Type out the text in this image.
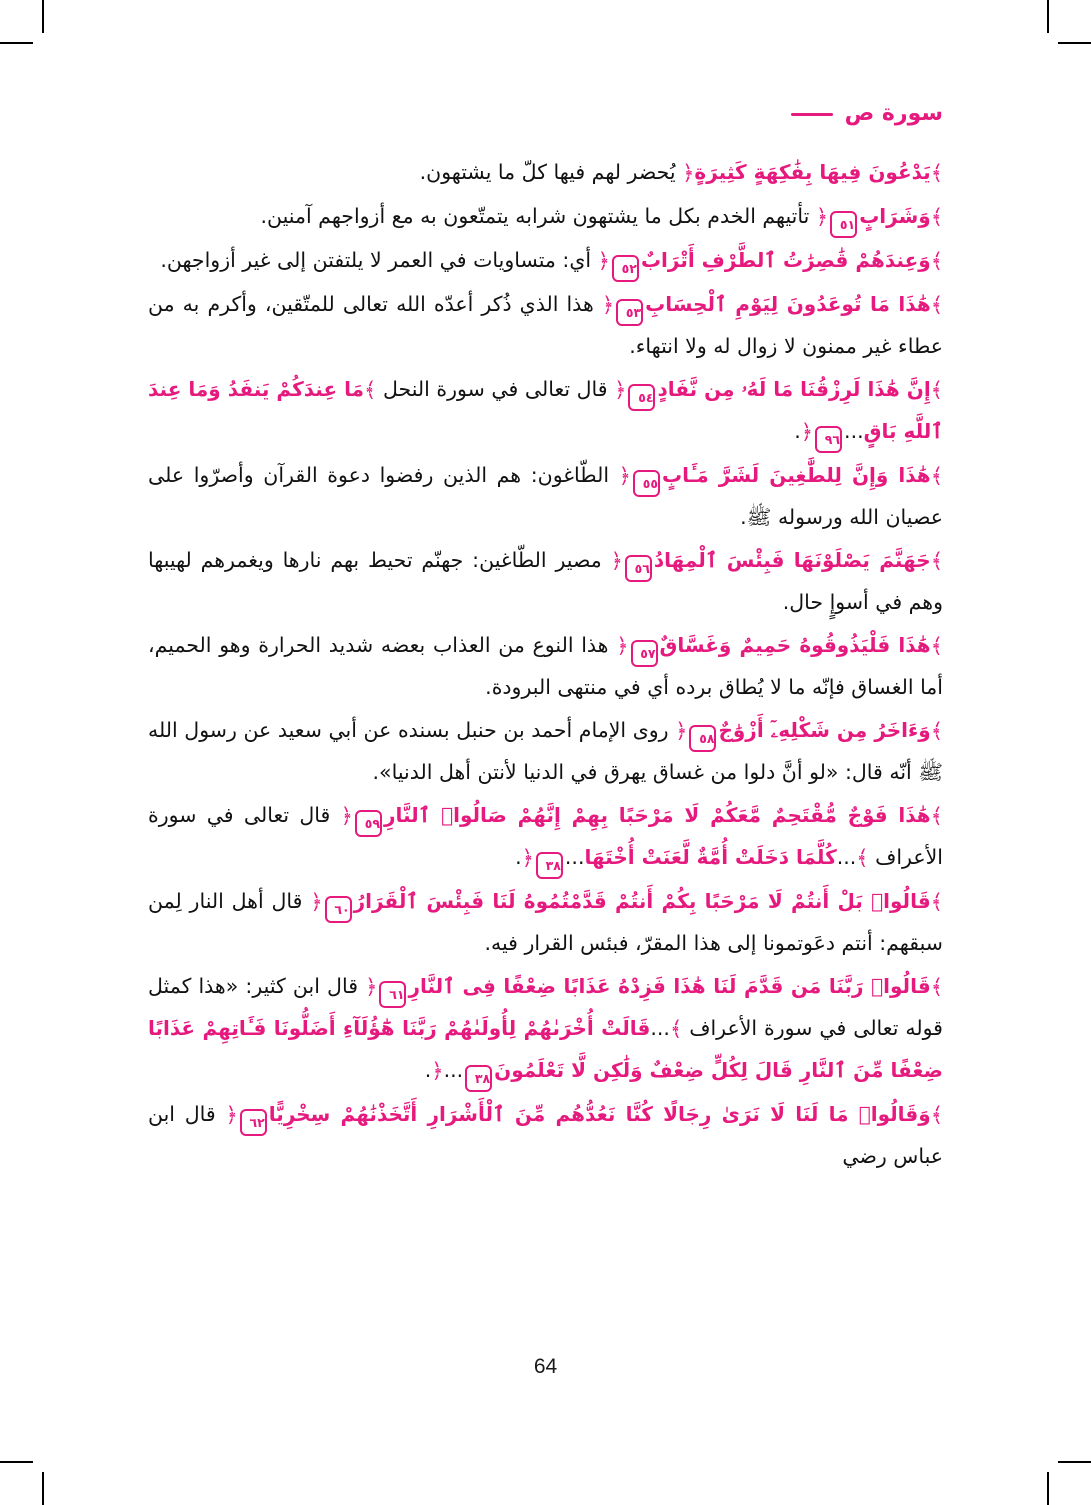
سورة ص

﴾يَدْعُونَ فِيهَا بِفَٰكِهَةٍ كَثِيرَةٍ﴿ يُحضر لهم فيها كلّ ما يشتهون.

﴾وَشَرَابٍ
٥١
﴿ تأتيهم الخدم بكل ما يشتهون شرابه يتمتّعون به مع أزواجهم آمنين.

﴾وَعِندَهُمْ قَٰصِرَٰتُ ٱلطَّرْفِ أَتْرَابٌ
٥٢
﴿ أي: متساويات في العمر لا يلتفتن إلى غير أزواجهن.

﴾هَٰذَا مَا تُوعَدُونَ لِيَوْمِ ٱلْحِسَابِ
٥٣
﴿ هذا الذي ذُكر أعدّه الله تعالى للمتّقين، وأكرم به من عطاء غير ممنون لا زوال له ولا انتهاء.

﴾إِنَّ هَٰذَا لَرِزْقُنَا مَا لَهُۥ مِن نَّفَادٍ
٥٤
﴿ قال تعالى في سورة النحل ﴾مَا عِندَكُمْ يَنفَدُ وَمَا عِندَ ٱللَّهِ بَاقٍ...
٩٦
﴿.

﴾هَٰذَا وَإِنَّ لِلطَّٰغِينَ لَشَرَّ مَـَٔابٍ
٥٥
﴿ الطّاغون: هم الذين رفضوا دعوة القرآن وأصرّوا على عصيان الله ورسوله ﷺ.

﴾جَهَنَّمَ يَصْلَوْنَهَا فَبِئْسَ ٱلْمِهَادُ
٥٦
﴿ مصير الطّاغين: جهنّم تحيط بهم نارها ويغمرهم لهيبها وهم في أسوإٍ حال.

﴾هَٰذَا فَلْيَذُوقُوهُ حَمِيمٌ وَغَسَّاقٌ
٥٧
﴿ هذا النوع من العذاب بعضه شديد الحرارة وهو الحميم، أما الغساق فإنّه ما لا يُطاق برده أي في منتهى البرودة.

﴾وَءَاخَرُ مِن شَكْلِهِۦٓ أَزْوَٰجٌ
٥٨
﴿ روى الإمام أحمد بن حنبل بسنده عن أبي سعيد عن رسول الله ﷺ أنّه قال: «لو أنَّ دلوا من غساق يهرق في الدنيا لأنتن أهل الدنيا».

﴾هَٰذَا فَوْجٌ مُّقْتَحِمٌ مَّعَكُمْ لَا مَرْحَبًا بِهِمْ إِنَّهُمْ صَالُوا۟ ٱلنَّارِ
٥٩
﴿ قال تعالى في سورة الأعراف ﴾...كُلَّمَا دَخَلَتْ أُمَّةٌ لَّعَنَتْ أُخْتَهَا...
٣٨
﴿.

﴾قَالُوا۟ بَلْ أَنتُمْ لَا مَرْحَبًا بِكُمْ أَنتُمْ قَدَّمْتُمُوهُ لَنَا فَبِئْسَ ٱلْقَرَارُ
٦٠
﴿ قال أهل النار لِمن سبقهم: أنتم دعَوتمونا إلى هذا المقرّ، فبئس القرار فيه.

﴾قَالُوا۟ رَبَّنَا مَن قَدَّمَ لَنَا هَٰذَا فَزِدْهُ عَذَابًا ضِعْفًا فِى ٱلنَّارِ
٦١
﴿ قال ابن كثير: «هذا كمثل قوله تعالى في سورة الأعراف ﴾...قَالَتْ أُخْرَىٰهُمْ لِأُولَىٰهُمْ رَبَّنَا هَٰٓؤُلَآءِ أَضَلُّونَا فَـَٔاتِهِمْ عَذَابًا ضِعْفًا مِّنَ ٱلنَّارِ قَالَ لِكُلٍّ ضِعْفٌ وَلَٰكِن لَّا تَعْلَمُونَ
٣٨
...﴿.

﴾وَقَالُوا۟ مَا لَنَا لَا نَرَىٰ رِجَالًا كُنَّا نَعُدُّهُم مِّنَ ٱلْأَشْرَارِ أَتَّخَذْنَٰهُمْ سِخْرِيًّا
٦٢
﴿ قال ابن عباس رضي

64
